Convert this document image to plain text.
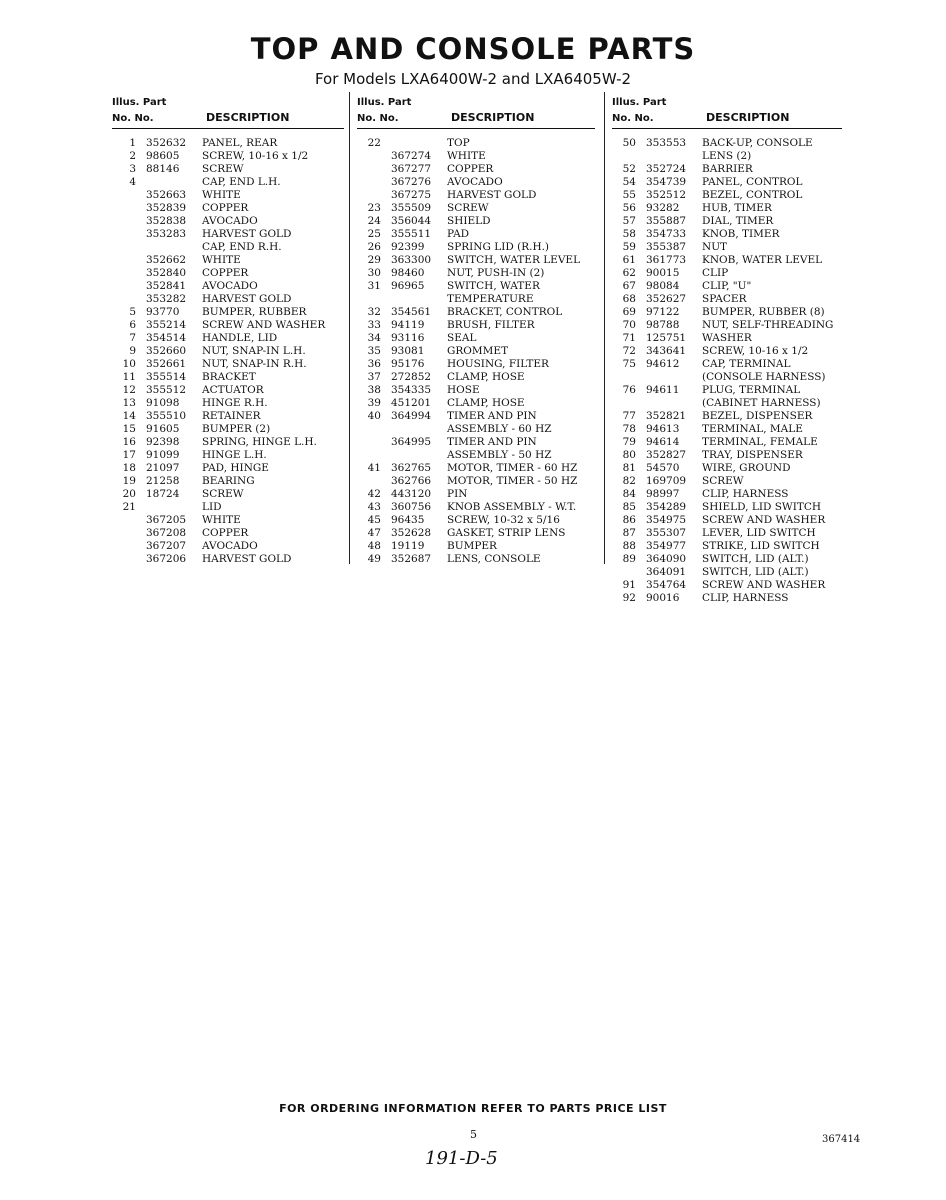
TOP AND CONSOLE PARTS
For Models LXA6400W-2 and LXA6405W-2
Illus. Part
No. No.	DESCRIPTION
1 352632	PANEL, REAR
2 98605	SCREW, 10-16 x 1/2
3 88146	SCREW
4	CAP, END L.H.
352663	WHITE
352839	COPPER
352838	AVOCADO
353283	HARVEST GOLD
CAP, END R.H.
352662	WHITE
352840	COPPER
352841	AVOCADO
353282	HARVEST GOLD
5 93770	BUMPER, RUBBER
6 355214	SCREW AND WASHER
7 354514	HANDLE, LID
9 352660	NUT, SNAP-IN L.H.
10 352661	NUT, SNAP-IN R.H.
11 355514	BRACKET
12 355512	ACTUATOR
13 91098	HINGE R.H.
14 355510	RETAINER
15 91605	BUMPER (2)
16 92398	SPRING, HINGE L.H.
17 91099	HINGE L.H.
18 21097	PAD, HINGE
19 21258	BEARING
20 18724	SCREW
21	LID
367205	WHITE
367208	COPPER
367207	AVOCADO
367206	HARVEST GOLD
Illus. Part
No. No.	DESCRIPTION
22	TOP
367274	WHITE
367277	COPPER
367276	AVOCADO
367275	HARVEST GOLD
23 355509	SCREW
24 356044	SHIELD
25 355511	PAD
26 92399	SPRING LID (R.H.)
29 363300	SWITCH, WATER LEVEL
30 98460	NUT, PUSH-IN (2)
31 96965	SWITCH, WATER
TEMPERATURE
32 354561	BRACKET, CONTROL
33 94119	BRUSH, FILTER
34 93116	SEAL
35 93081	GROMMET
36 95176	HOUSING, FILTER
37 272852	CLAMP, HOSE
38 354335	HOSE
39 451201	CLAMP, HOSE
40 364994	TIMER AND PIN
ASSEMBLY - 60 HZ
364995	TIMER AND PIN
ASSEMBLY - 50 HZ
41 362765	MOTOR, TIMER - 60 HZ
362766	MOTOR, TIMER - 50 HZ
42 443120	PIN
43 360756	KNOB ASSEMBLY - W.T.
45 96435	SCREW, 10-32 x 5/16
47 352628	GASKET, STRIP LENS
48 19119	BUMPER
49 352687	LENS, CONSOLE
Illus. Part
No. No.	DESCRIPTION
50 353553	BACK-UP, CONSOLE
LENS (2)
52 352724	BARRIER
54 354739	PANEL, CONTROL
55 352512	BEZEL, CONTROL
56 93282	HUB, TIMER
57 355887	DIAL, TIMER
58 354733	KNOB, TIMER
59 355387	NUT
61 361773	KNOB, WATER LEVEL
62 90015	CLIP
67 98084	CLIP, "U"
68 352627	SPACER
69 97122	BUMPER, RUBBER (8)
70 98788	NUT, SELF-THREADING
71 125751	WASHER
72 343641	SCREW, 10-16 x 1/2
75 94612	CAP, TERMINAL
(CONSOLE HARNESS)
76 94611	PLUG, TERMINAL
(CABINET HARNESS)
77 352821	BEZEL, DISPENSER
78 94613	TERMINAL, MALE
79 94614	TERMINAL, FEMALE
80 352827	TRAY, DISPENSER
81 54570	WIRE, GROUND
82 169709	SCREW
84 98997	CLIP, HARNESS
85 354289	SHIELD, LID SWITCH
86 354975	SCREW AND WASHER
87 355307	LEVER, LID SWITCH
88 354977	STRIKE, LID SWITCH
89 364090	SWITCH, LID (ALT.)
364091	SWITCH, LID (ALT.)
91 354764	SCREW AND WASHER
92 90016	CLIP, HARNESS
FOR ORDERING INFORMATION REFER TO PARTS PRICE LIST
5	367414
191-D-5
